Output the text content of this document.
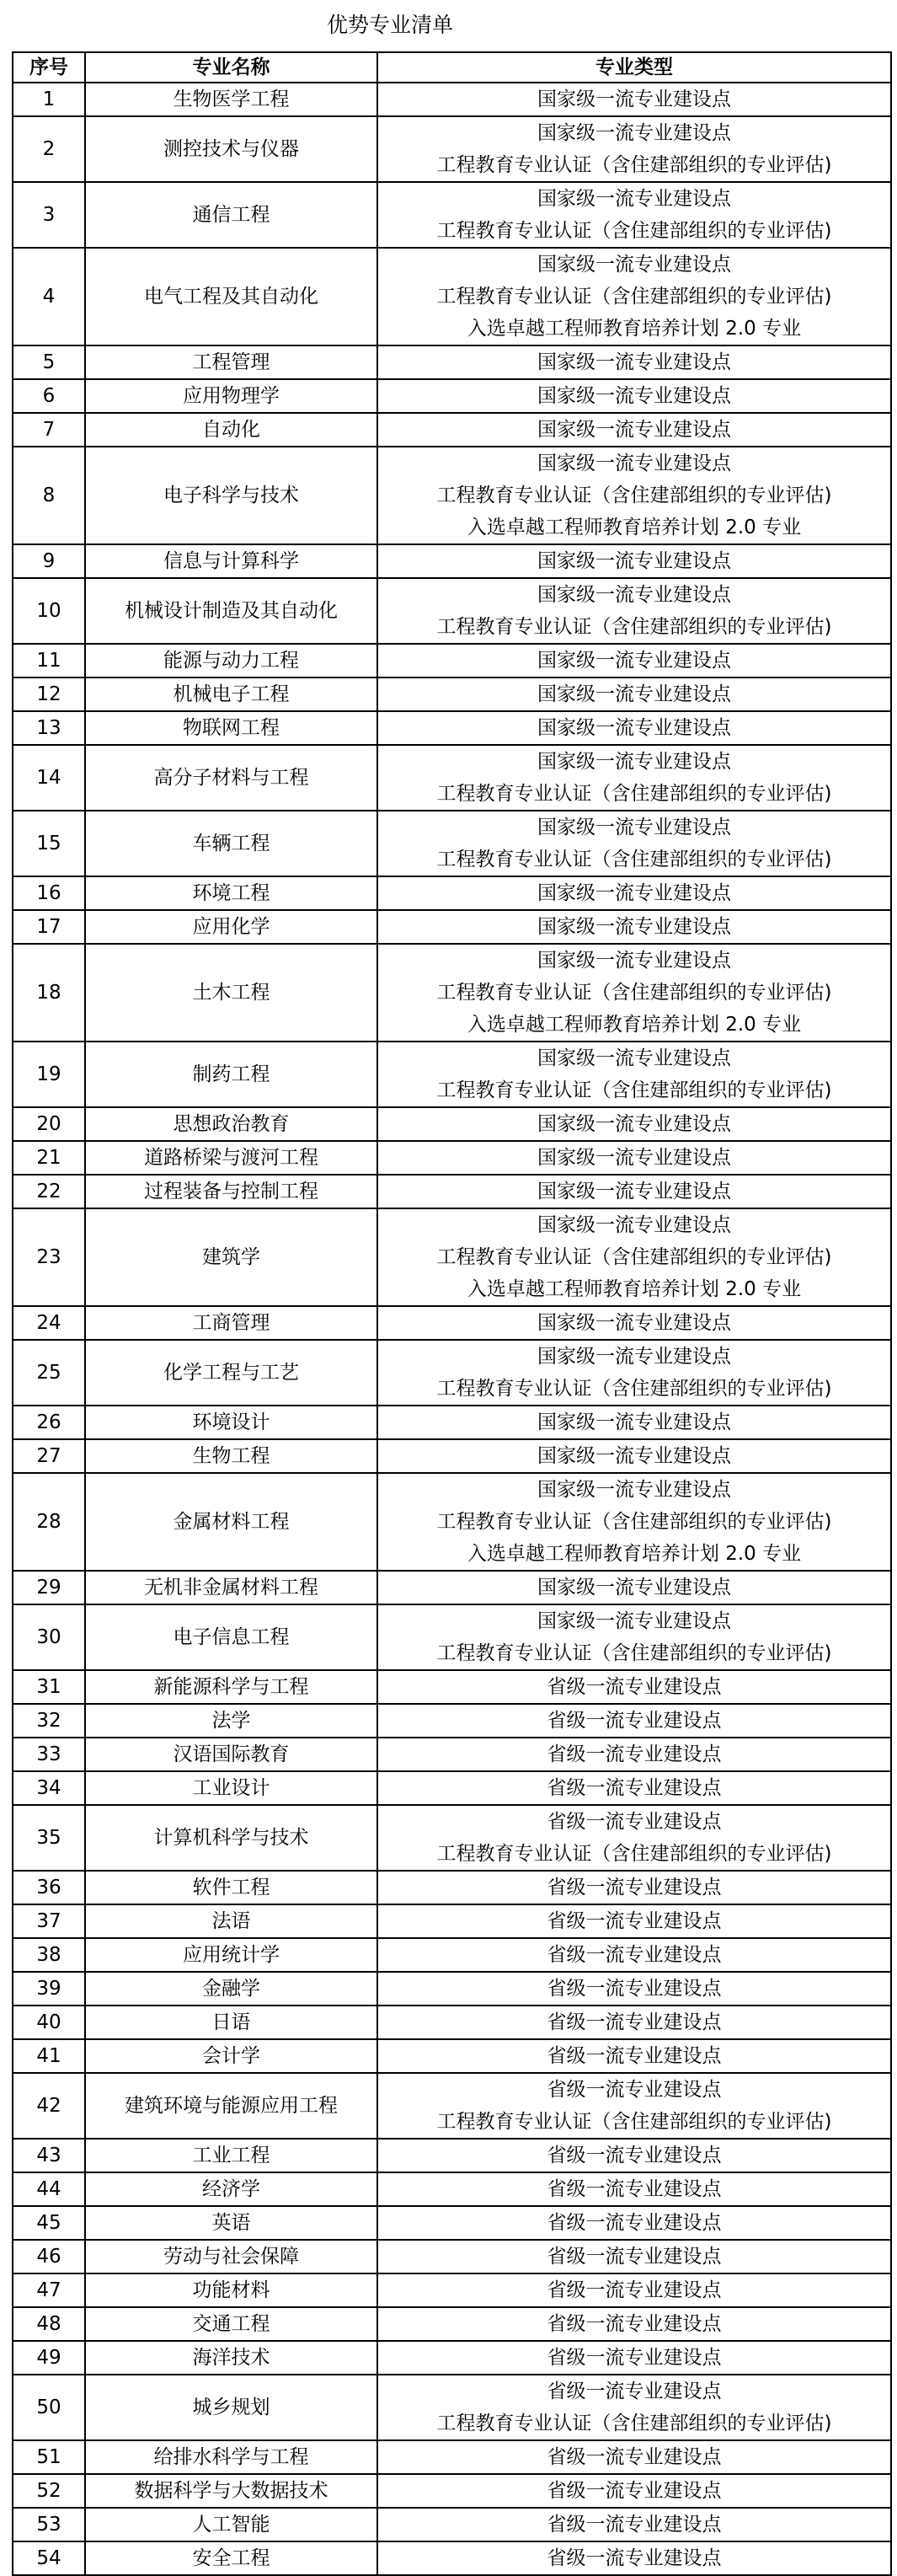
优势专业清单
序号	专业名称	专业类型
1	生物医学工程	国家级一流专业建设点

2	测控技术与仪器	国家级一流专业建设点
工程教育专业认证（含住建部组织的专业评估)

3	通信工程	国家级一流专业建设点
工程教育专业认证（含住建部组织的专业评估)

4	电气工程及其自动化	国家级一流专业建设点
工程教育专业认证（含住建部组织的专业评估)
入选卓越工程师教育培养计划 2.0 专业

5	工程管理	国家级一流专业建设点

6	应用物理学	国家级一流专业建设点

7	自动化	国家级一流专业建设点

8	电子科学与技术	国家级一流专业建设点
工程教育专业认证（含住建部组织的专业评估)
入选卓越工程师教育培养计划 2.0 专业

9	信息与计算科学	国家级一流专业建设点

10	机械设计制造及其自动化	国家级一流专业建设点
工程教育专业认证（含住建部组织的专业评估)

11	能源与动力工程	国家级一流专业建设点

12	机械电子工程	国家级一流专业建设点

13	物联网工程	国家级一流专业建设点

14	高分子材料与工程	国家级一流专业建设点
工程教育专业认证（含住建部组织的专业评估)

15	车辆工程	国家级一流专业建设点
工程教育专业认证（含住建部组织的专业评估)

16	环境工程	国家级一流专业建设点

17	应用化学	国家级一流专业建设点

18	土木工程	国家级一流专业建设点
工程教育专业认证（含住建部组织的专业评估)
入选卓越工程师教育培养计划 2.0 专业

19	制药工程	国家级一流专业建设点
工程教育专业认证（含住建部组织的专业评估)

20	思想政治教育	国家级一流专业建设点

21	道路桥梁与渡河工程	国家级一流专业建设点

22	过程装备与控制工程	国家级一流专业建设点

23	建筑学	国家级一流专业建设点
工程教育专业认证（含住建部组织的专业评估)
入选卓越工程师教育培养计划 2.0 专业

24	工商管理	国家级一流专业建设点

25	化学工程与工艺	国家级一流专业建设点
工程教育专业认证（含住建部组织的专业评估)

26	环境设计	国家级一流专业建设点

27	生物工程	国家级一流专业建设点

28	金属材料工程	国家级一流专业建设点
工程教育专业认证（含住建部组织的专业评估)
入选卓越工程师教育培养计划 2.0 专业

29	无机非金属材料工程	国家级一流专业建设点

30	电子信息工程	国家级一流专业建设点
工程教育专业认证（含住建部组织的专业评估)

31	新能源科学与工程	省级一流专业建设点

32	法学	省级一流专业建设点

33	汉语国际教育	省级一流专业建设点

34	工业设计	省级一流专业建设点

35	计算机科学与技术	省级一流专业建设点
工程教育专业认证（含住建部组织的专业评估)

36	软件工程	省级一流专业建设点

37	法语	省级一流专业建设点

38	应用统计学	省级一流专业建设点

39	金融学	省级一流专业建设点

40	日语	省级一流专业建设点

41	会计学	省级一流专业建设点

42	建筑环境与能源应用工程	省级一流专业建设点
工程教育专业认证（含住建部组织的专业评估)

43	工业工程	省级一流专业建设点

44	经济学	省级一流专业建设点

45	英语	省级一流专业建设点

46	劳动与社会保障	省级一流专业建设点

47	功能材料	省级一流专业建设点

48	交通工程	省级一流专业建设点

49	海洋技术	省级一流专业建设点

50	城乡规划	省级一流专业建设点
工程教育专业认证（含住建部组织的专业评估)

51	给排水科学与工程	省级一流专业建设点

52	数据科学与大数据技术	省级一流专业建设点

53	人工智能	省级一流专业建设点

54	安全工程	省级一流专业建设点
